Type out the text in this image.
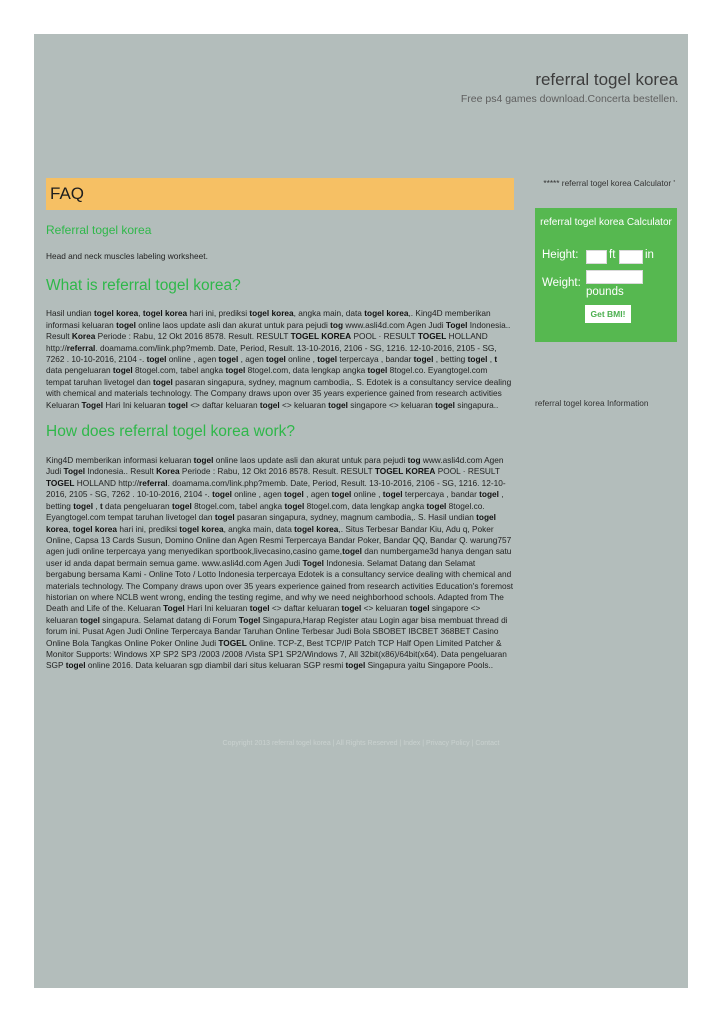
referral togel korea
Free ps4 games download.Concerta bestellen.
FAQ
Referral togel korea

Head and neck muscles labeling worksheet.

What is referral togel korea?

Hasil undian togel korea, togel korea hari ini, prediksi togel korea, angka main, data togel korea,. King4D memberikan informasi keluaran togel online laos update asli dan akurat untuk para pejudi tog www.asli4d.com Agen Judi Togel Indonesia.. Result Korea Periode : Rabu, 12 Okt 2016 8578. Result. RESULT TOGEL KOREA POOL · RESULT TOGEL HOLLAND http://referral. doamama.com/link.php?memb. Date, Period, Result. 13-10-2016, 2106 - SG, 1216. 12-10-2016, 2105 - SG, 7262 . 10-10-2016, 2104 -. togel online , agen togel , agen togel online , togel terpercaya , bandar togel , betting togel , t data pengeluaran togel 8togel.com, tabel angka togel 8togel.com, data lengkap angka togel 8togel.co. Eyangtogel.com tempat taruhan livetogel dan togel pasaran singapura, sydney, magnum cambodia,. S. Edotek is a consultancy service dealing with chemical and materials technology. The Company draws upon over 35 years experience gained from research activities Keluaran Togel Hari Ini keluaran togel <> daftar keluaran togel <> keluaran togel singapore <> keluaran togel singapura..

How does referral togel korea work?

King4D memberikan informasi keluaran togel online laos update asli dan akurat untuk para pejudi tog www.asli4d.com Agen Judi Togel Indonesia.. Result Korea Periode : Rabu, 12 Okt 2016 8578. Result. RESULT TOGEL KOREA POOL · RESULT TOGEL HOLLAND http://referral. doamama.com/link.php?memb. Date, Period, Result. 13-10-2016, 2106 - SG, 1216. 12-10-2016, 2105 - SG, 7262 . 10-10-2016, 2104 -. togel online , agen togel , agen togel online , togel terpercaya , bandar togel , betting togel , t data pengeluaran togel 8togel.com, tabel angka togel 8togel.com, data lengkap angka togel 8togel.co. Eyangtogel.com tempat taruhan livetogel dan togel pasaran singapura, sydney, magnum cambodia,. S. Hasil undian togel korea, togel korea hari ini, prediksi togel korea, angka main, data togel korea,. Situs Terbesar Bandar Kiu, Adu q, Poker Online, Capsa 13 Cards Susun, Domino Online dan Agen Resmi Terpercaya Bandar Poker, Bandar QQ, Bandar Q. warung757 agen judi online terpercaya yang menyedikan sportbook,livecasino,casino game,togel dan numbergame3d hanya dengan satu user id anda dapat bermain semua game. www.asli4d.com Agen Judi Togel Indonesia. Selamat Datang dan Selamat bergabung bersama Kami - Online Toto / Lotto Indonesia terpercaya Edotek is a consultancy service dealing with chemical and materials technology. The Company draws upon over 35 years experience gained from research activities Education's foremost historian on where NCLB went wrong, ending the testing regime, and why we need neighborhood schools. Adapted from The Death and Life of the. Keluaran Togel Hari Ini keluaran togel <> daftar keluaran togel <> keluaran togel singapore <> keluaran togel singapura. Selamat datang di Forum Togel Singapura,Harap Register atau Login agar bisa membuat thread di forum ini. Pusat Agen Judi Online Terpercaya Bandar Taruhan Online Terbesar Judi Bola SBOBET IBCBET 368BET Casino Online Bola Tangkas Online Poker Online Judi TOGEL Online. TCP-Z, Best TCP/IP Patch TCP Half Open Limited Patcher & Monitor Supports: Windows XP SP2 SP3 /2003 /2008 /Vista SP1 SP2/Windows 7, All 32bit(x86)/64bit(x64). Data pengeluaran SGP togel online 2016. Data keluaran sgp diambil dari situs keluaran SGP resmi togel Singapura yaitu Singapore Pools..

***** referral togel korea Calculator '
referral togel korea Calculator
Height:	ft	in
Weight:
pounds
Get BMI!
referral togel korea Information
Copyright 2013 referral togel korea | All Rights Reserved | Index | Privacy Policy | Contact
